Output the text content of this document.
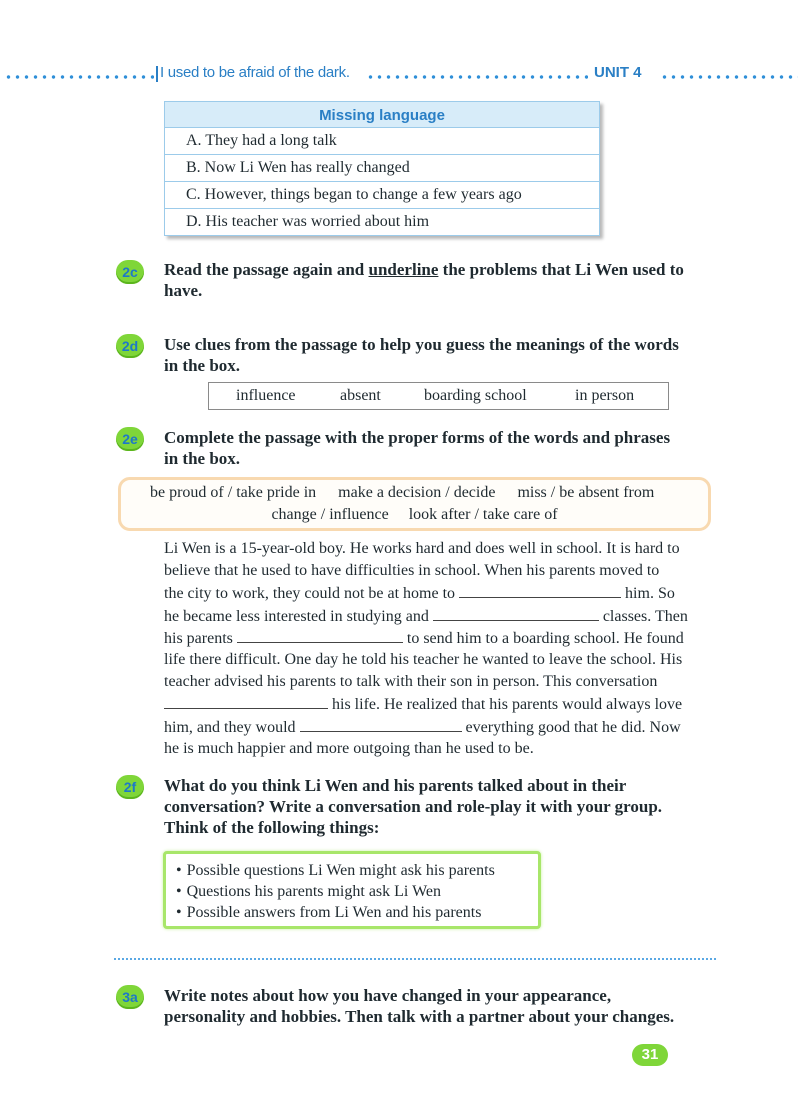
I used to be afraid of the dark.	UNIT 4
Missing language
A. They had a long talk
B. Now Li Wen has really changed
C. However, things began to change a few years ago
D. His teacher was worried about him
2c	Read the passage again and underline the problems that Li Wen used to
have.
2d	Use clues from the passage to help you guess the meanings of the words
in the box.
influence	absent	boarding school	in person
2e	Complete the passage with the proper forms of the words and phrases
in the box.
be proud of / take pride in make a decision / decide miss / be absent from
change / influence look after / take care of
Li Wen is a 15-year-old boy. He works hard and does well in school. It is hard to
believe that he used to have difficulties in school. When his parents moved to
the city to work, they could not be at home to	him. So
he became less interested in studying and	classes. Then
his parents	to send him to a boarding school. He found
life there difficult. One day he told his teacher he wanted to leave the school. His
teacher advised his parents to talk with their son in person. This conversation
his life. He realized that his parents would always love
him, and they would	everything good that he did. Now
he is much happier and more outgoing than he used to be.
2f	What do you think Li Wen and his parents talked about in their
conversation? Write a conversation and role-play it with your group.
Think of the following things:
• Possible questions Li Wen might ask his parents
• Questions his parents might ask Li Wen
• Possible answers from Li Wen and his parents
3a	Write notes about how you have changed in your appearance,
personality and hobbies. Then talk with a partner about your changes.
31
